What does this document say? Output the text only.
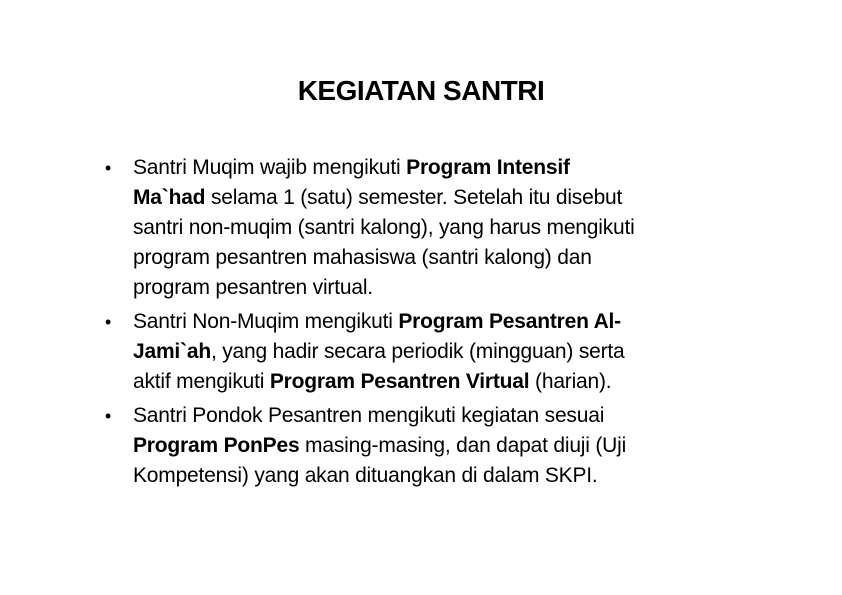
KEGIATAN SANTRI
•	Santri Muqim wajib mengikuti Program Intensif
Ma`had selama 1 (satu) semester. Setelah itu disebut
santri non-muqim (santri kalong), yang harus mengikuti
program pesantren mahasiswa (santri kalong) dan
program pesantren virtual.
•	Santri Non-Muqim mengikuti Program Pesantren Al-
Jami`ah, yang hadir secara periodik (mingguan) serta
aktif mengikuti Program Pesantren Virtual (harian).
•	Santri Pondok Pesantren mengikuti kegiatan sesuai
Program PonPes masing-masing, dan dapat diuji (Uji
Kompetensi) yang akan dituangkan di dalam SKPI.
